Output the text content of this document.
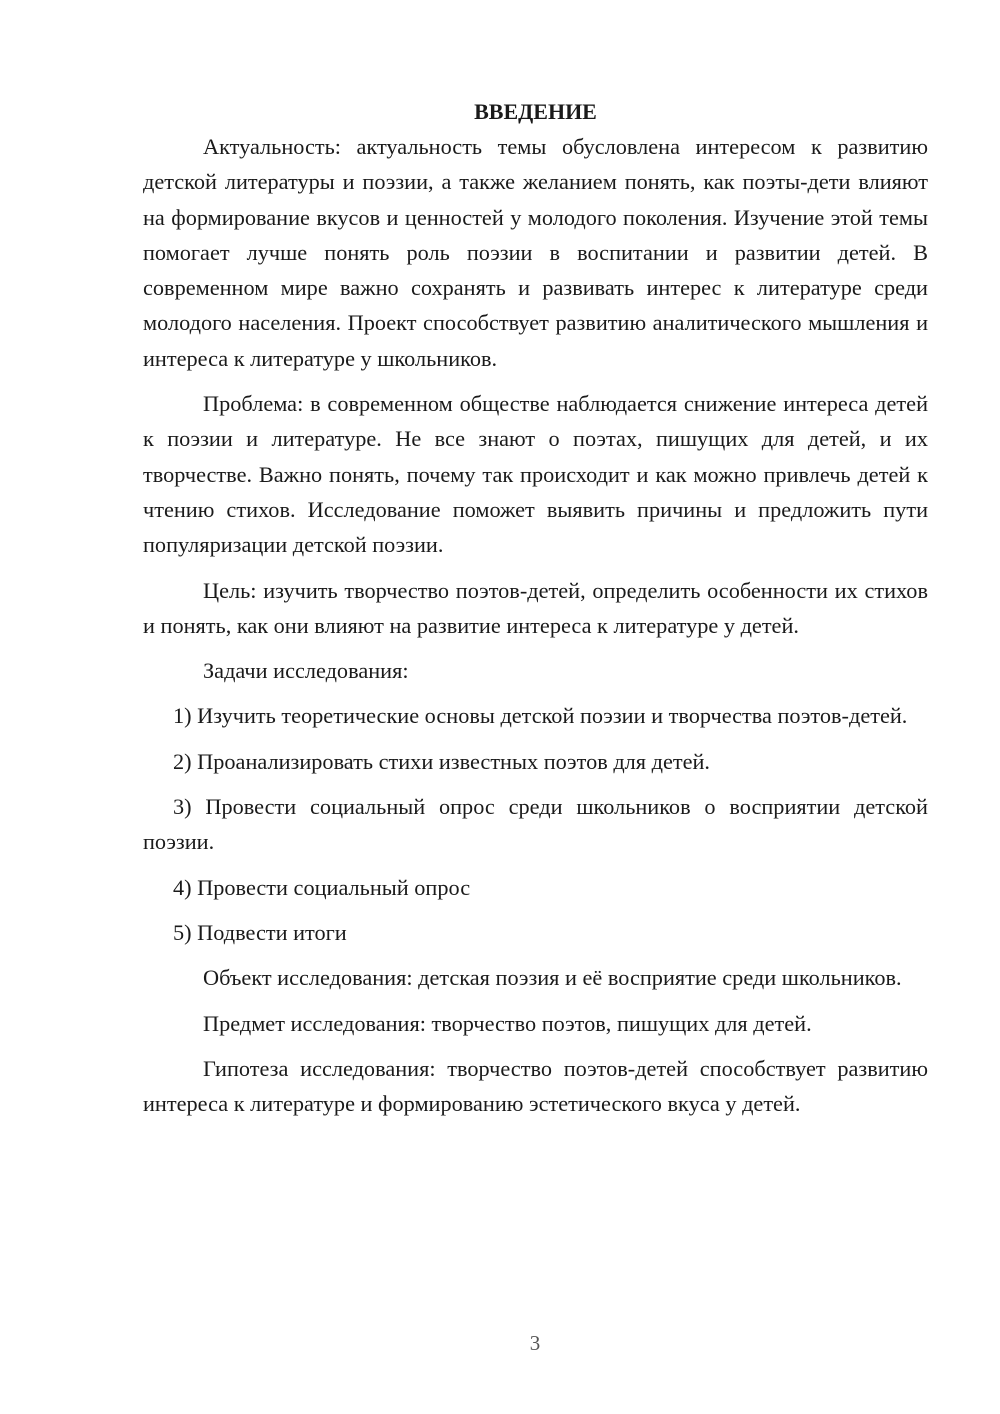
ВВЕДЕНИЕ

Актуальность: актуальность темы обусловлена интересом к развитию детской литературы и поэзии, а также желанием понять, как поэты-дети влияют на формирование вкусов и ценностей у молодого поколения. Изучение этой темы помогает лучше понять роль поэзии в воспитании и развитии детей. В современном мире важно сохранять и развивать интерес к литературе среди молодого населения. Проект способствует развитию аналитического мышления и интереса к литературе у школьников.

Проблема: в современном обществе наблюдается снижение интереса детей к поэзии и литературе. Не все знают о поэтах, пишущих для детей, и их творчестве. Важно понять, почему так происходит и как можно привлечь детей к чтению стихов. Исследование поможет выявить причины и предложить пути популяризации детской поэзии.

Цель: изучить творчество поэтов-детей, определить особенности их стихов и понять, как они влияют на развитие интереса к литературе у детей.

Задачи исследования:

1) Изучить теоретические основы детской поэзии и творчества поэтов-детей.

2) Проанализировать стихи известных поэтов для детей.

3) Провести социальный опрос среди школьников о восприятии детской поэзии.

4) Провести социальный опрос

5) Подвести итоги

Объект исследования: детская поэзия и её восприятие среди школьников.

Предмет исследования: творчество поэтов, пишущих для детей.

Гипотеза исследования: творчество поэтов-детей способствует развитию интереса к литературе и формированию эстетического вкуса у детей.

3
